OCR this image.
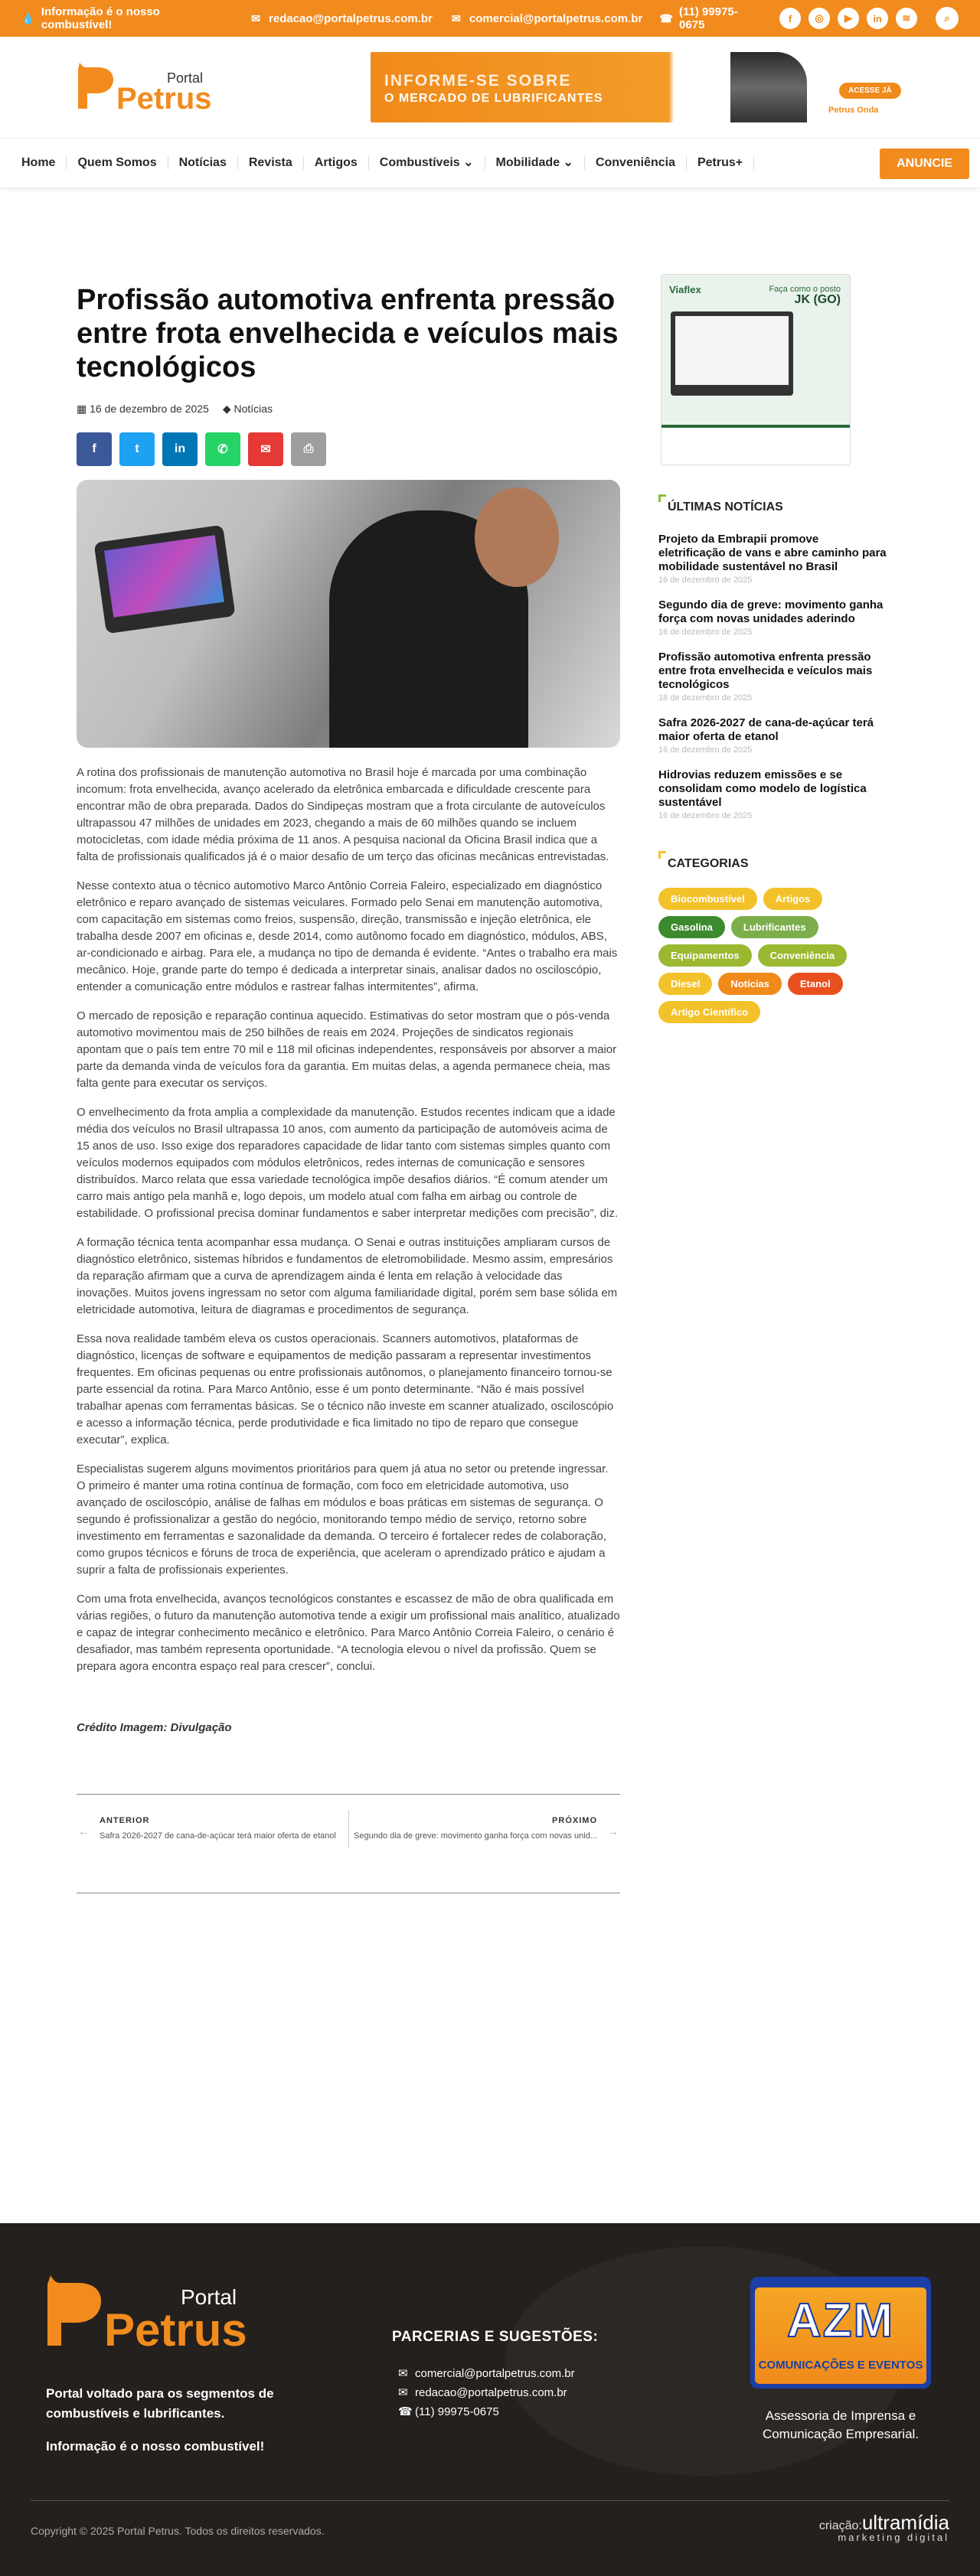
💧 Informação é o nosso combustível!	✉ redacao@portalpetrus.com.br ✉ comercial@portalpetrus.com.br ☎ (11) 99975-0675	f	◎	▶	in	≋	⌕
Petrus
Portal	INFORME-SE SOBRE
O MERCADO DE LUBRIFICANTES
ACESSE JÁ
Petrus Onda
Home	Quem Somos	Notícias	Revista	Artigos	Combustíveis ⌄	Mobilidade ⌄	Conveniência	Petrus+	ANUNCIE
Profissão automotiva enfrenta pressão entre frota envelhecida e veículos mais tecnológicos
▦ 16 de dezembro de 2025 ◆ Notícias
f	t	in	✆	✉	⎙

A rotina dos profissionais de manutenção automotiva no Brasil hoje é marcada por uma combinação incomum: frota envelhecida, avanço acelerado da eletrônica embarcada e dificuldade crescente para encontrar mão de obra preparada. Dados do Sindipeças mostram que a frota circulante de autoveículos ultrapassou 47 milhões de unidades em 2023, chegando a mais de 60 milhões quando se incluem motocicletas, com idade média próxima de 11 anos. A pesquisa nacional da Oficina Brasil indica que a falta de profissionais qualificados já é o maior desafio de um terço das oficinas mecânicas entrevistadas.

Nesse contexto atua o técnico automotivo Marco Antônio Correia Faleiro, especializado em diagnóstico eletrônico e reparo avançado de sistemas veiculares. Formado pelo Senai em manutenção automotiva, com capacitação em sistemas como freios, suspensão, direção, transmissão e injeção eletrônica, ele trabalha desde 2007 em oficinas e, desde 2014, como autônomo focado em diagnóstico, módulos, ABS, ar-condicionado e airbag. Para ele, a mudança no tipo de demanda é evidente. “Antes o trabalho era mais mecânico. Hoje, grande parte do tempo é dedicada a interpretar sinais, analisar dados no osciloscópio, entender a comunicação entre módulos e rastrear falhas intermitentes”, afirma.

O mercado de reposição e reparação continua aquecido. Estimativas do setor mostram que o pós-venda automotivo movimentou mais de 250 bilhões de reais em 2024. Projeções de sindicatos regionais apontam que o país tem entre 70 mil e 118 mil oficinas independentes, responsáveis por absorver a maior parte da demanda vinda de veículos fora da garantia. Em muitas delas, a agenda permanece cheia, mas falta gente para executar os serviços.

O envelhecimento da frota amplia a complexidade da manutenção. Estudos recentes indicam que a idade média dos veículos no Brasil ultrapassa 10 anos, com aumento da participação de automóveis acima de 15 anos de uso. Isso exige dos reparadores capacidade de lidar tanto com sistemas simples quanto com veículos modernos equipados com módulos eletrônicos, redes internas de comunicação e sensores distribuídos. Marco relata que essa variedade tecnológica impõe desafios diários. “É comum atender um carro mais antigo pela manhã e, logo depois, um modelo atual com falha em airbag ou controle de estabilidade. O profissional precisa dominar fundamentos e saber interpretar medições com precisão”, diz.

A formação técnica tenta acompanhar essa mudança. O Senai e outras instituições ampliaram cursos de diagnóstico eletrônico, sistemas híbridos e fundamentos de eletromobilidade. Mesmo assim, empresários da reparação afirmam que a curva de aprendizagem ainda é lenta em relação à velocidade das inovações. Muitos jovens ingressam no setor com alguma familiaridade digital, porém sem base sólida em eletricidade automotiva, leitura de diagramas e procedimentos de segurança.

Essa nova realidade também eleva os custos operacionais. Scanners automotivos, plataformas de diagnóstico, licenças de software e equipamentos de medição passaram a representar investimentos frequentes. Em oficinas pequenas ou entre profissionais autônomos, o planejamento financeiro tornou-se parte essencial da rotina. Para Marco Antônio, esse é um ponto determinante. “Não é mais possível trabalhar apenas com ferramentas básicas. Se o técnico não investe em scanner atualizado, osciloscópio e acesso a informação técnica, perde produtividade e fica limitado no tipo de reparo que consegue executar”, explica.

Especialistas sugerem alguns movimentos prioritários para quem já atua no setor ou pretende ingressar. O primeiro é manter uma rotina contínua de formação, com foco em eletricidade automotiva, uso avançado de osciloscópio, análise de falhas em módulos e boas práticas em sistemas de segurança. O segundo é profissionalizar a gestão do negócio, monitorando tempo médio de serviço, retorno sobre investimento em ferramentas e sazonalidade da demanda. O terceiro é fortalecer redes de colaboração, como grupos técnicos e fóruns de troca de experiência, que aceleram o aprendizado prático e ajudam a suprir a falta de profissionais experientes.

Com uma frota envelhecida, avanços tecnológicos constantes e escassez de mão de obra qualificada em várias regiões, o futuro da manutenção automotiva tende a exigir um profissional mais analítico, atualizado e capaz de integrar conhecimento mecânico e eletrônico. Para Marco Antônio Correia Faleiro, o cenário é desafiador, mas também representa oportunidade. “A tecnologia elevou o nível da profissão. Quem se prepara agora encontra espaço real para crescer”, conclui.

Crédito Imagem: Divulgação
←
ANTERIOR
Safra 2026-2027 de cana-de-açúcar terá maior oferta de etanol
PRÓXIMO
Segundo dia de greve: movimento ganha força com novas unid... →
Viaflex	Faça como o posto
JK (GO)
ÚLTIMAS NOTÍCIAS
Projeto da Embrapii promove eletrificação de vans e abre caminho para mobilidade sustentável no Brasil
16 de dezembro de 2025
Segundo dia de greve: movimento ganha força com novas unidades aderindo
16 de dezembro de 2025
Profissão automotiva enfrenta pressão entre frota envelhecida e veículos mais tecnológicos
16 de dezembro de 2025
Safra 2026-2027 de cana-de-açúcar terá maior oferta de etanol
16 de dezembro de 2025
Hidrovias reduzem emissões e se consolidam como modelo de logística sustentável
16 de dezembro de 2025
CATEGORIAS
Biocombustível	Artigos
Gasolina	Lubrificantes
Equipamentos	Conveniência
Diesel	Notícias	Etanol
Artigo Científico
Petrus
Portal
Portal voltado para os segmentos de combustíveis e lubrificantes.
Informação é o nosso combustível!
PARCERIAS E SUGESTÕES:
✉ comercial@portalpetrus.com.br
✉ redacao@portalpetrus.com.br
☎ (11) 99975-0675
AZM
COMUNICAÇÕES E EVENTOS
Assessoria de Imprensa e Comunicação Empresarial.
Copyright © 2025 Portal Petrus. Todos os direitos reservados.	criação:ultramídia
marketing digital
